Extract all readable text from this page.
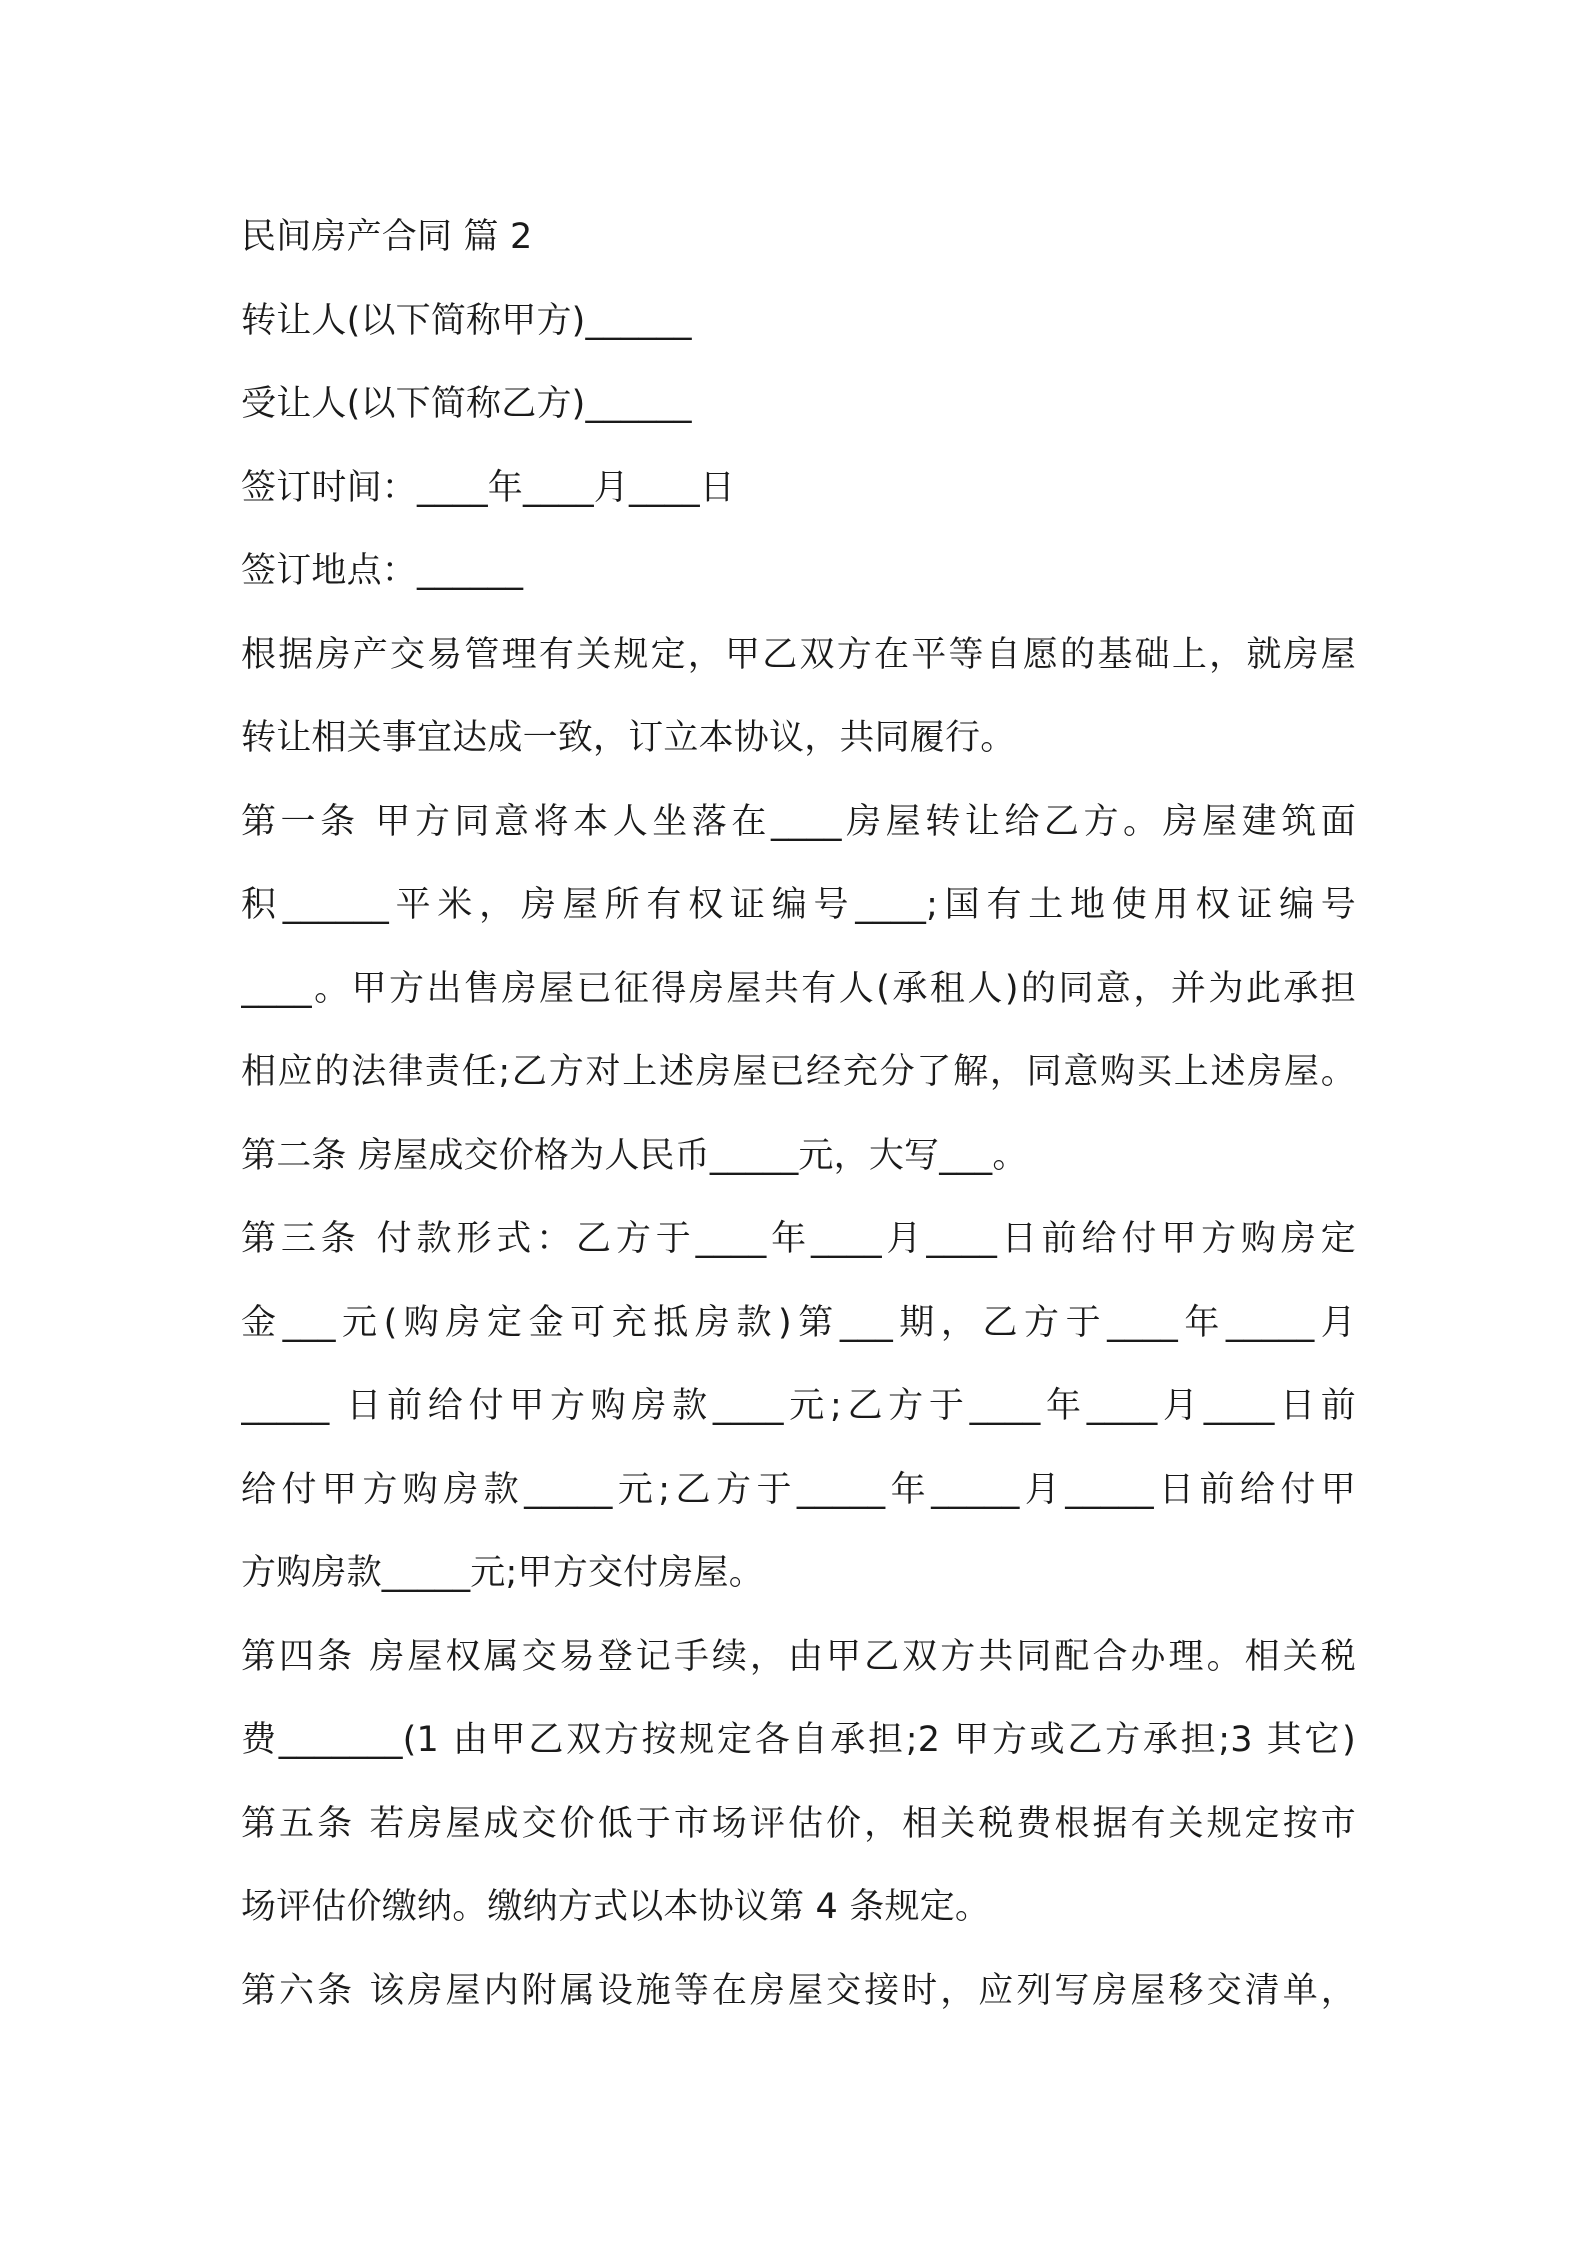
民间房产合同 篇 2
转让人(以下简称甲方)______
受让人(以下简称乙方)______
签订时间：____年____月____日
签订地点：______
根据房产交易管理有关规定，甲乙双方在平等自愿的基础上，就房屋
转让相关事宜达成一致，订立本协议，共同履行。
第一条 甲方同意将本人坐落在____房屋转让给乙方。房屋建筑面
积______平米，房屋所有权证编号____;国有土地使用权证编号
____。甲方出售房屋已征得房屋共有人(承租人)的同意，并为此承担
相应的法律责任;乙方对上述房屋已经充分了解，同意购买上述房屋。
第二条 房屋成交价格为人民币_____元，大写___。
第三条 付款形式：乙方于____年____月____日前给付甲方购房定
金___元(购房定金可充抵房款)第___期，乙方于____年_____月
_____ 日前给付甲方购房款____元;乙方于____年____月____日前
给付甲方购房款_____元;乙方于_____年_____月_____日前给付甲
方购房款_____元;甲方交付房屋。
第四条 房屋权属交易登记手续，由甲乙双方共同配合办理。相关税
费_______(1 由甲乙双方按规定各自承担;2 甲方或乙方承担;3 其它)
第五条 若房屋成交价低于市场评估价，相关税费根据有关规定按市
场评估价缴纳。缴纳方式以本协议第 4 条规定。
第六条 该房屋内附属设施等在房屋交接时，应列写房屋移交清单，
